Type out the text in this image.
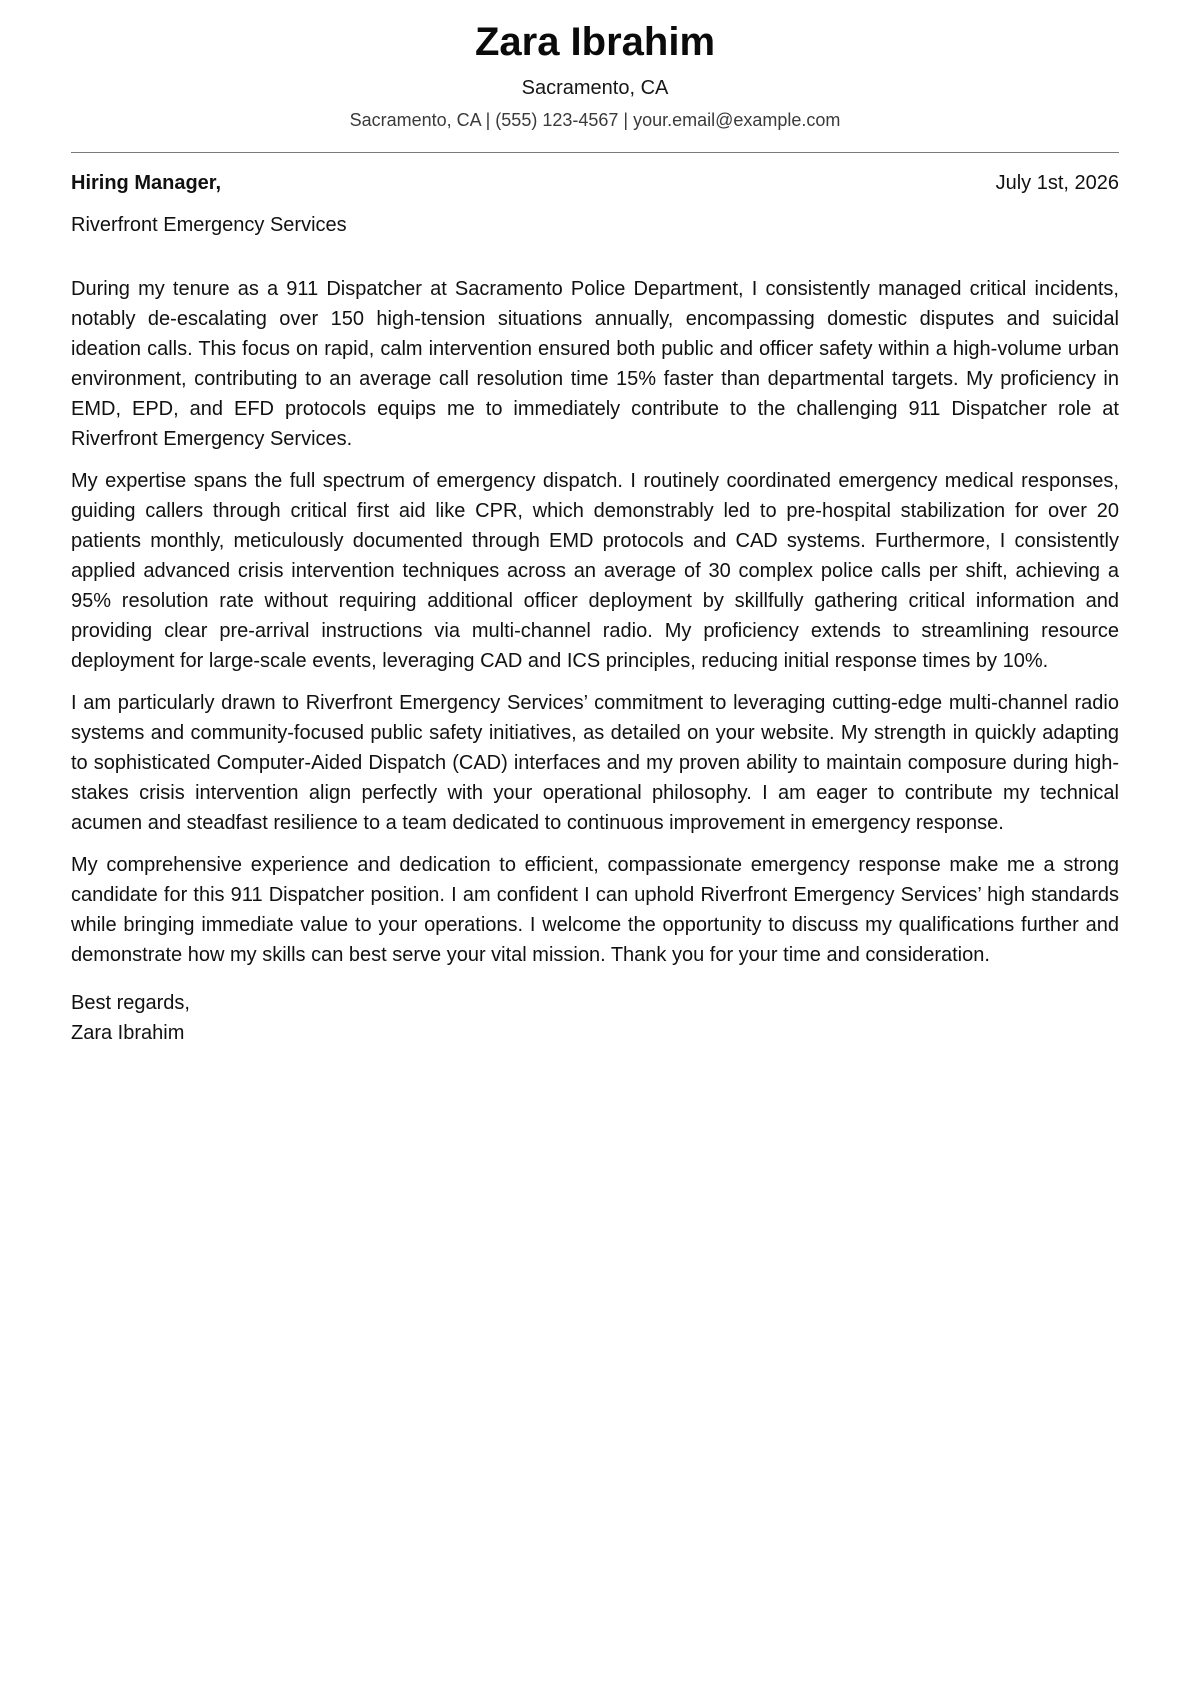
Zara Ibrahim
Sacramento, CA
Sacramento, CA | (555) 123-4567 | your.email@example.com
Hiring Manager,	July 1st, 2026
Riverfront Emergency Services

During my tenure as a 911 Dispatcher at Sacramento Police Department, I consistently managed critical incidents, notably de-escalating over 150 high-tension situations annually, encompassing domestic disputes and suicidal ideation calls. This focus on rapid, calm intervention ensured both public and officer safety within a high-volume urban environment, contributing to an average call resolution time 15% faster than departmental targets. My proficiency in EMD, EPD, and EFD protocols equips me to immediately contribute to the challenging 911 Dispatcher role at Riverfront Emergency Services.

My expertise spans the full spectrum of emergency dispatch. I routinely coordinated emergency medical responses, guiding callers through critical first aid like CPR, which demonstrably led to pre-hospital stabilization for over 20 patients monthly, meticulously documented through EMD protocols and CAD systems. Furthermore, I consistently applied advanced crisis intervention techniques across an average of 30 complex police calls per shift, achieving a 95% resolution rate without requiring additional officer deployment by skillfully gathering critical information and providing clear pre-arrival instructions via multi-channel radio. My proficiency extends to streamlining resource deployment for large-scale events, leveraging CAD and ICS principles, reducing initial response times by 10%.

I am particularly drawn to Riverfront Emergency Services’ commitment to leveraging cutting-edge multi-channel radio systems and community-focused public safety initiatives, as detailed on your website. My strength in quickly adapting to sophisticated Computer-Aided Dispatch (CAD) interfaces and my proven ability to maintain composure during high-stakes crisis intervention align perfectly with your operational philosophy. I am eager to contribute my technical acumen and steadfast resilience to a team dedicated to continuous improvement in emergency response.

My comprehensive experience and dedication to efficient, compassionate emergency response make me a strong candidate for this 911 Dispatcher position. I am confident I can uphold Riverfront Emergency Services’ high standards while bringing immediate value to your operations. I welcome the opportunity to discuss my qualifications further and demonstrate how my skills can best serve your vital mission. Thank you for your time and consideration.

Best regards,
Zara Ibrahim
